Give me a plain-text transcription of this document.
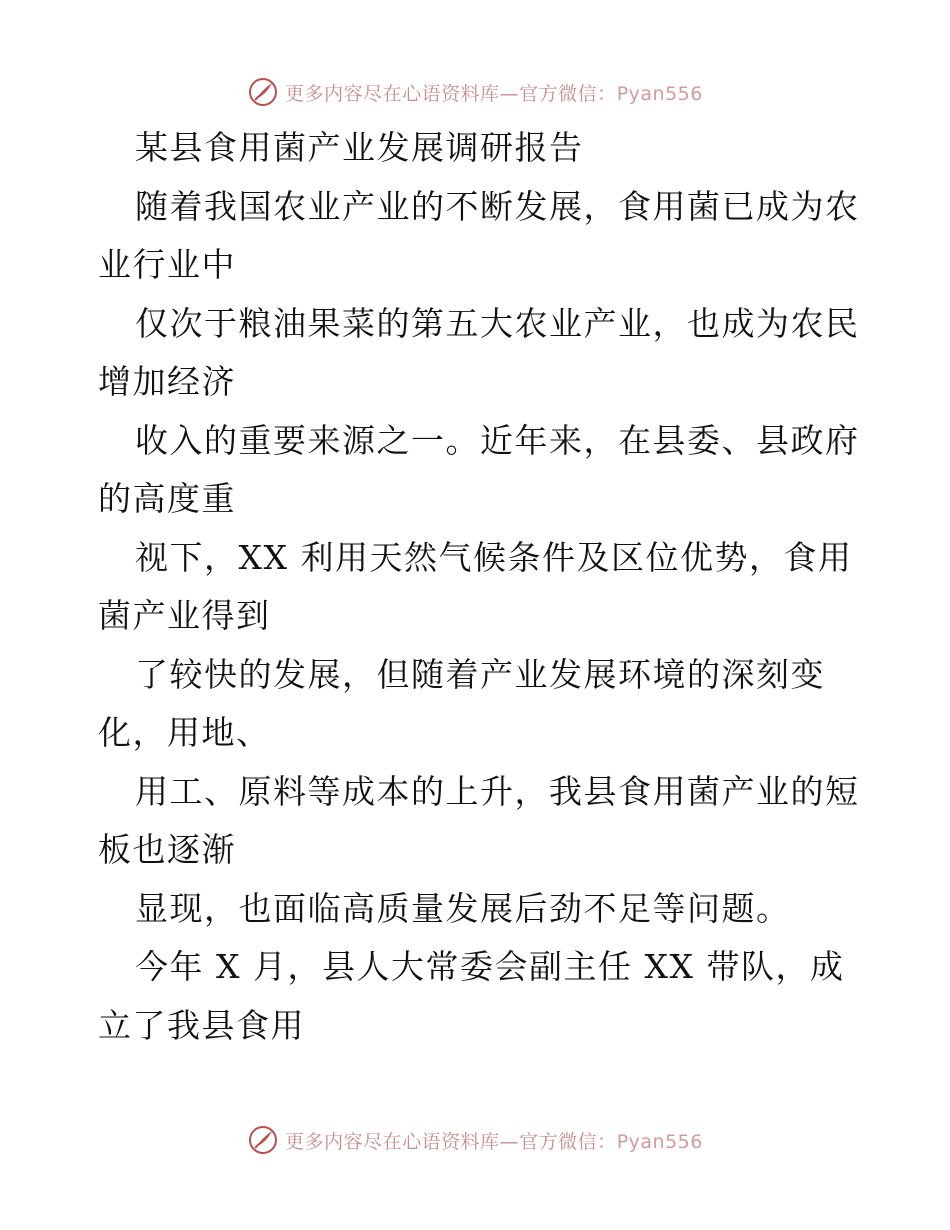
更多内容尽在心语资料库—官方微信：Pyan556
某县食用菌产业发展调研报告
随着我国农业产业的不断发展，食用菌已成为农
业行业中
仅次于粮油果菜的第五大农业产业，也成为农民
增加经济
收入的重要来源之一。近年来，在县委、县政府
的高度重
视下，XX 利用天然气候条件及区位优势，食用
菌产业得到
了较快的发展，但随着产业发展环境的深刻变
化，用地、
用工、原料等成本的上升，我县食用菌产业的短
板也逐渐
显现，也面临高质量发展后劲不足等问题。
今年 X 月，县人大常委会副主任 XX 带队，成
立了我县食用
更多内容尽在心语资料库—官方微信：Pyan556
